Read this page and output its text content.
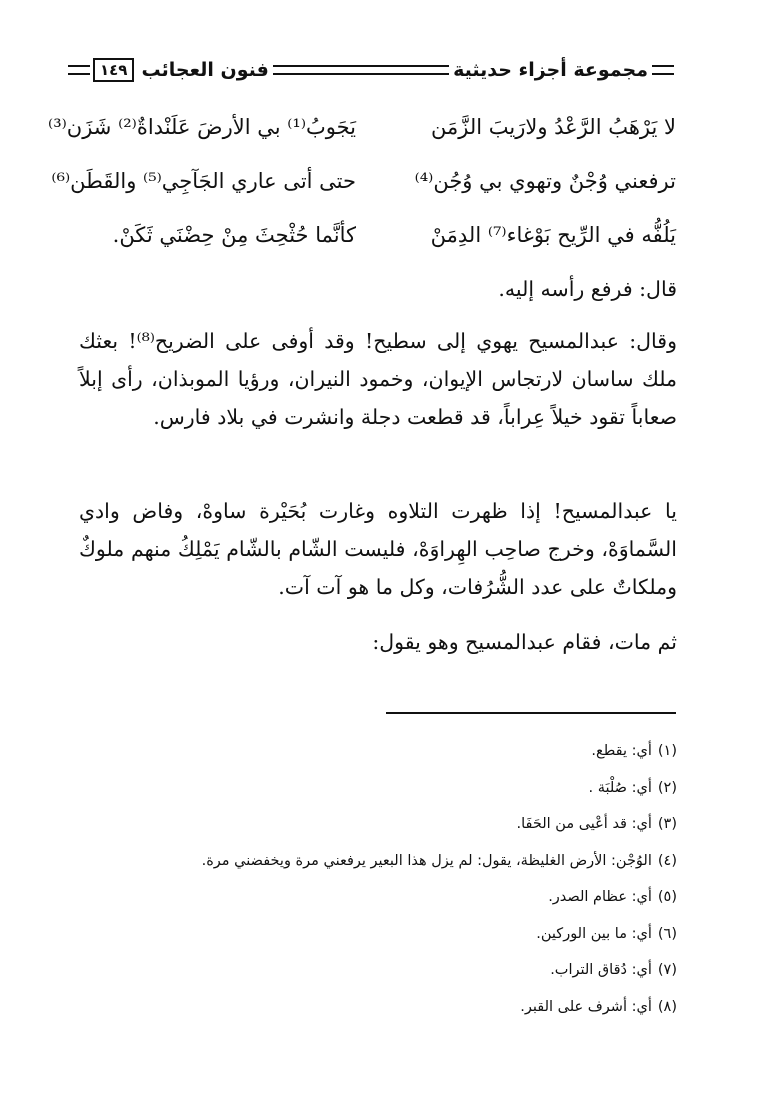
مجموعة أجزاء حديثية
فنون العجائب
١٤٩
لا يَرْهَبُ الرَّعْدُ ولارَيبَ الزَّمَن
يَجَوبُ⁽¹⁾ بي الأرضَ عَلَنْداةٌ⁽²⁾ شَزَن⁽³⁾
ترفعني وُجْنٌ وتهوي بي وُجُن⁽⁴⁾
حتى أتى عاري الجَآجِي⁽⁵⁾ والقَطَن⁽⁶⁾
يَلُفُّه في الرِّيح بَوْغاء⁽⁷⁾ الدِمَنْ
كأنَّما حُثْحِثَ مِنْ حِضْنَي ثَكَنْ.
قال: فرفع رأسه إليه.
وقال: عبدالمسيح يهوي إلى سطيح! وقد أوفى على الضريح⁽⁸⁾! بعثك ملك ساسان لارتجاس الإيوان، وخمود النيران، ورؤيا الموبذان، رأى إبلاً صعاباً تقود خيلاً عِراباً، قد قطعت دجلة وانشرت في بلاد فارس.
يا عبدالمسيح! إذا ظهرت التلاوه وغارت بُحَيْرة ساوهْ، وفاض وادي السَّماوَهْ، وخرج صاحِب الهِراوَهْ، فليست الشّام بالشّام يَمْلِكُ منهم ملوكٌ وملكاتٌ على عدد الشُّرُفات، وكل ما هو آت آت.
ثم مات، فقام عبدالمسيح وهو يقول:
(١)أي: يقطع.
(٢)أي: صُلْبَة .
(٣)أي: قد أعْيى من الحَفَا.
(٤)الوُجْن: الأرض الغليظة، يقول: لم يزل هذا البعير يرفعني مرة ويخفضني مرة.
(٥)أي: عظام الصدر.
(٦)أي: ما بين الوركين.
(٧)أي: دُقاق التراب.
(٨)أي: أشرف على القبر.
